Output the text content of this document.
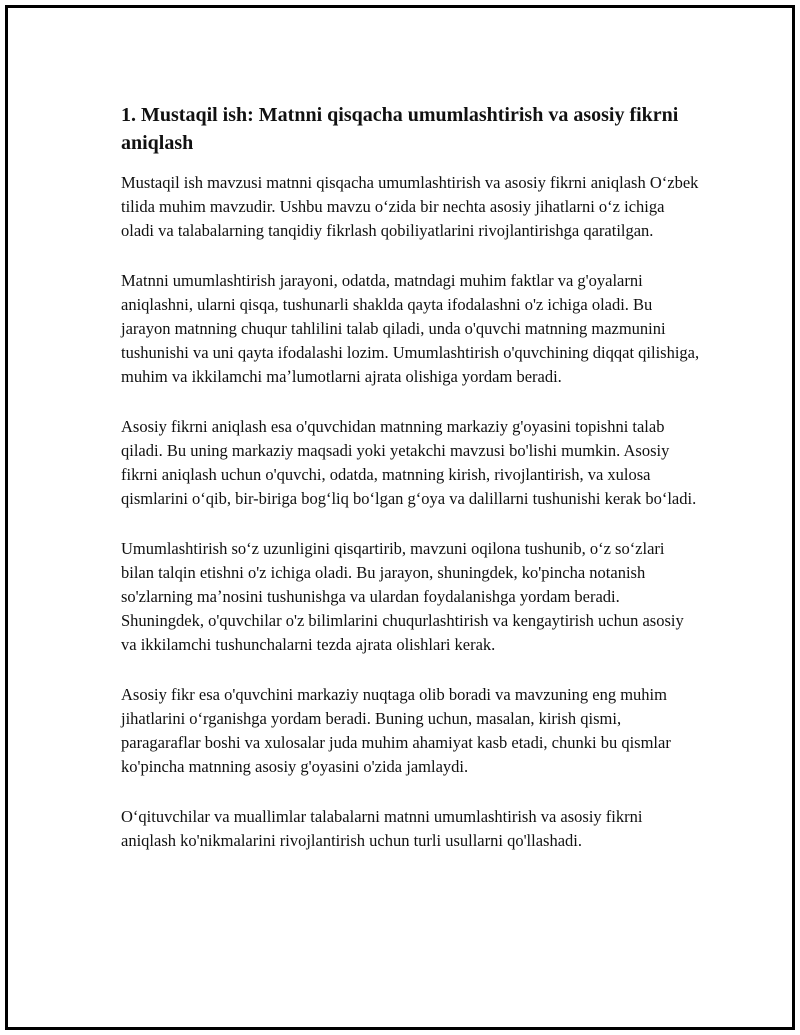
1. Mustaqil ish: Matnni qisqacha umumlashtirish va asosiy fikrni aniqlash

Mustaqil ish mavzusi matnni qisqacha umumlashtirish va asosiy fikrni aniqlash Oʻzbek tilida muhim mavzudir. Ushbu mavzu oʻzida bir nechta asosiy jihatlarni oʻz ichiga oladi va talabalarning tanqidiy fikrlash qobiliyatlarini rivojlantirishga qaratilgan.

Matnni umumlashtirish jarayoni, odatda, matndagi muhim faktlar va g'oyalarni aniqlashni, ularni qisqa, tushunarli shaklda qayta ifodalashni o'z ichiga oladi. Bu jarayon matnning chuqur tahlilini talab qiladi, unda o'quvchi matnning mazmunini tushunishi va uni qayta ifodalashi lozim. Umumlashtirish o'quvchining diqqat qilishiga, muhim va ikkilamchi maʼlumotlarni ajrata olishiga yordam beradi.

Asosiy fikrni aniqlash esa o'quvchidan matnning markaziy g'oyasini topishni talab qiladi. Bu uning markaziy maqsadi yoki yetakchi mavzusi bo'lishi mumkin. Asosiy fikrni aniqlash uchun o'quvchi, odatda, matnning kirish, rivojlantirish, va xulosa qismlarini oʻqib, bir-biriga bogʻliq boʻlgan gʻoya va dalillarni tushunishi kerak boʻladi.

Umumlashtirish soʻz uzunligini qisqartirib, mavzuni oqilona tushunib, oʻz soʻzlari bilan talqin etishni o'z ichiga oladi. Bu jarayon, shuningdek, ko'pincha notanish so'zlarning maʼnosini tushunishga va ulardan foydalanishga yordam beradi. Shuningdek, o'quvchilar o'z bilimlarini chuqurlashtirish va kengaytirish uchun asosiy va ikkilamchi tushunchalarni tezda ajrata olishlari kerak.

Asosiy fikr esa o'quvchini markaziy nuqtaga olib boradi va mavzuning eng muhim jihatlarini oʻrganishga yordam beradi. Buning uchun, masalan, kirish qismi, paragaraflar boshi va xulosalar juda muhim ahamiyat kasb etadi, chunki bu qismlar ko'pincha matnning asosiy g'oyasini o'zida jamlaydi.

Oʻqituvchilar va muallimlar talabalarni matnni umumlashtirish va asosiy fikrni aniqlash ko'nikmalarini rivojlantirish uchun turli usullarni qo'llashadi.
